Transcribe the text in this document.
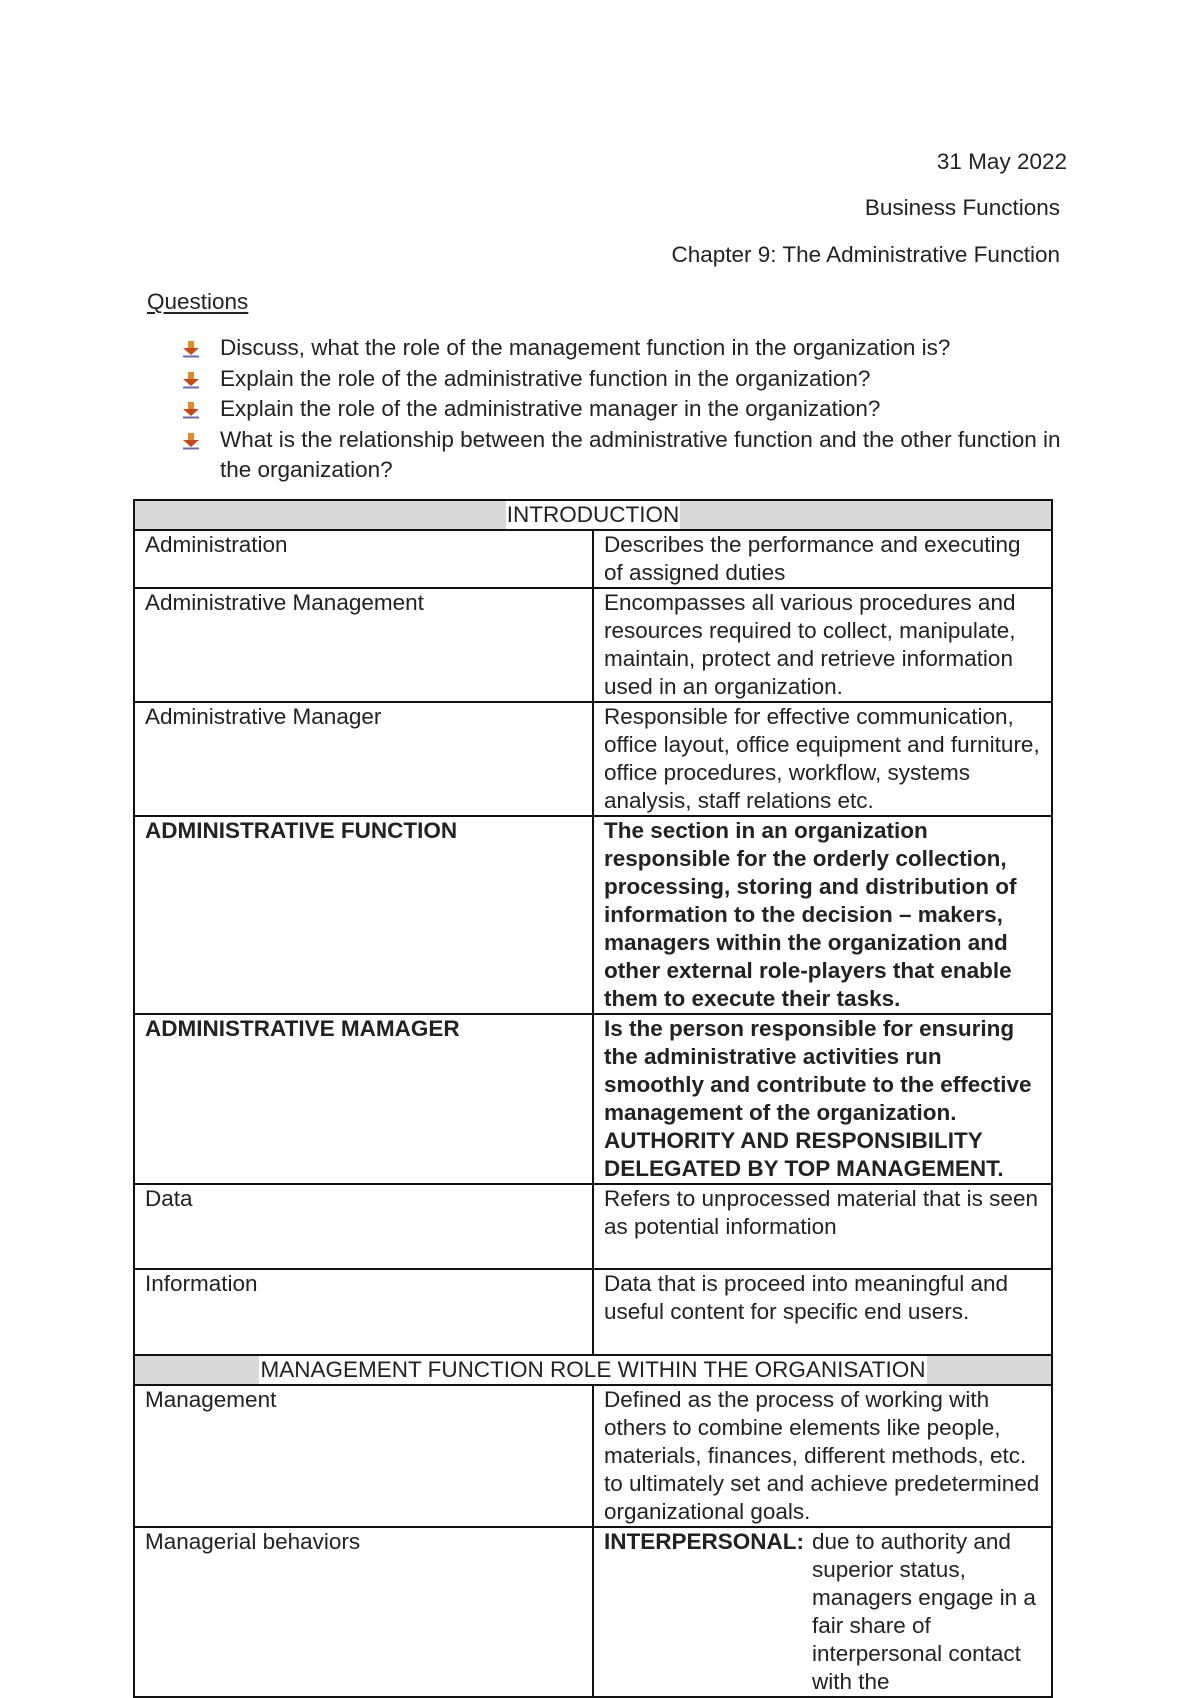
31 May 2022
Business Functions
Chapter 9: The Administrative Function
Questions
Discuss, what the role of the management function in the organization is?
Explain the role of the administrative function in the organization?
Explain the role of the administrative manager in the organization?
What is the relationship between the administrative function and the other function in the organization?
INTRODUCTION	
Administration	Describes the performance and executing of assigned duties
Administrative Management	Encompasses all various procedures and resources required to collect, manipulate, maintain, protect and retrieve information used in an organization.
Administrative Manager	Responsible for effective communication, office layout, office equipment and furniture, office procedures, workflow, systems analysis, staff relations etc.
ADMINISTRATIVE FUNCTION	The section in an organization responsible for the orderly collection, processing, storing and distribution of information to the decision – makers, managers within the organization and other external role-players that enable them to execute their tasks.
ADMINISTRATIVE MAMAGER	Is the person responsible for ensuring the administrative activities run smoothly and contribute to the effective management of the organization. AUTHORITY AND RESPONSIBILITY DELEGATED BY TOP MANAGEMENT.
Data	Refers to unprocessed material that is seen as potential information
Information	Data that is proceed into meaningful and useful content for specific end users.
MANAGEMENT FUNCTION ROLE WITHIN THE ORGANISATION	
Management	Defined as the process of working with others to combine elements like people, materials, finances, different methods, etc. to ultimately set and achieve predetermined organizational goals.
Managerial behaviors	INTERPERSONAL: due to authority and superior status, managers engage in a fair share of interpersonal contact with the
